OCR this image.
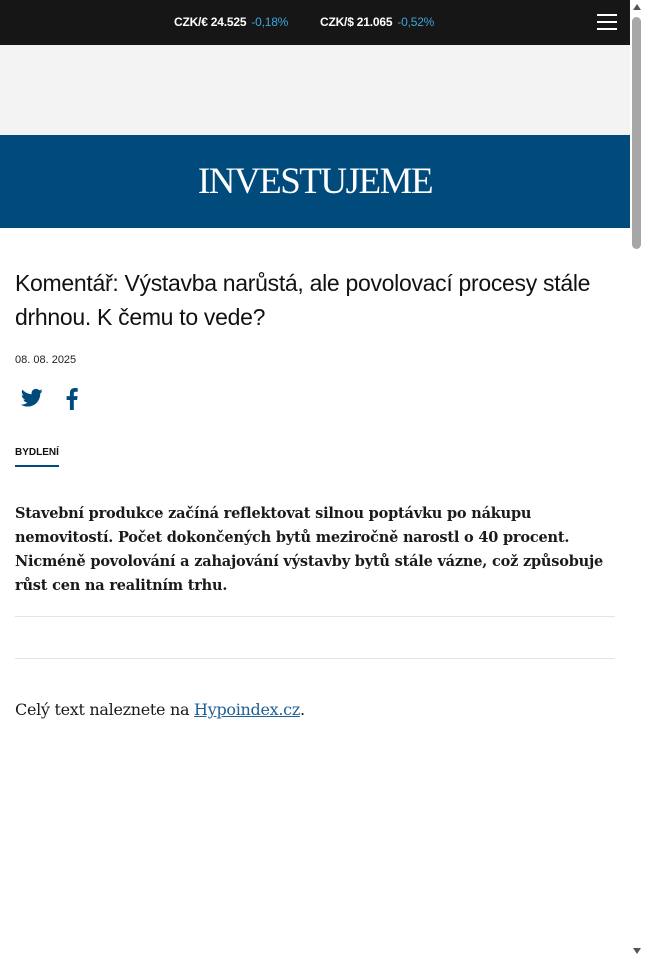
CZK/€ 24.525 -0,18%	CZK/$ 21.065 -0,52%
INVESTUJEME
Komentář: Výstavba narůstá, ale povolovací procesy stále drhnou. K čemu to vede?
08. 08. 2025
BYDLENÍ

Stavební produkce začíná reflektovat silnou poptávku po nákupu nemovitostí. Počet dokončených bytů meziročně narostl o 40 procent. Nicméně povolování a zahajování výstavby bytů stále vázne, což způsobuje růst cen na realitním trhu.

Celý text naleznete na Hypoindex.cz.
